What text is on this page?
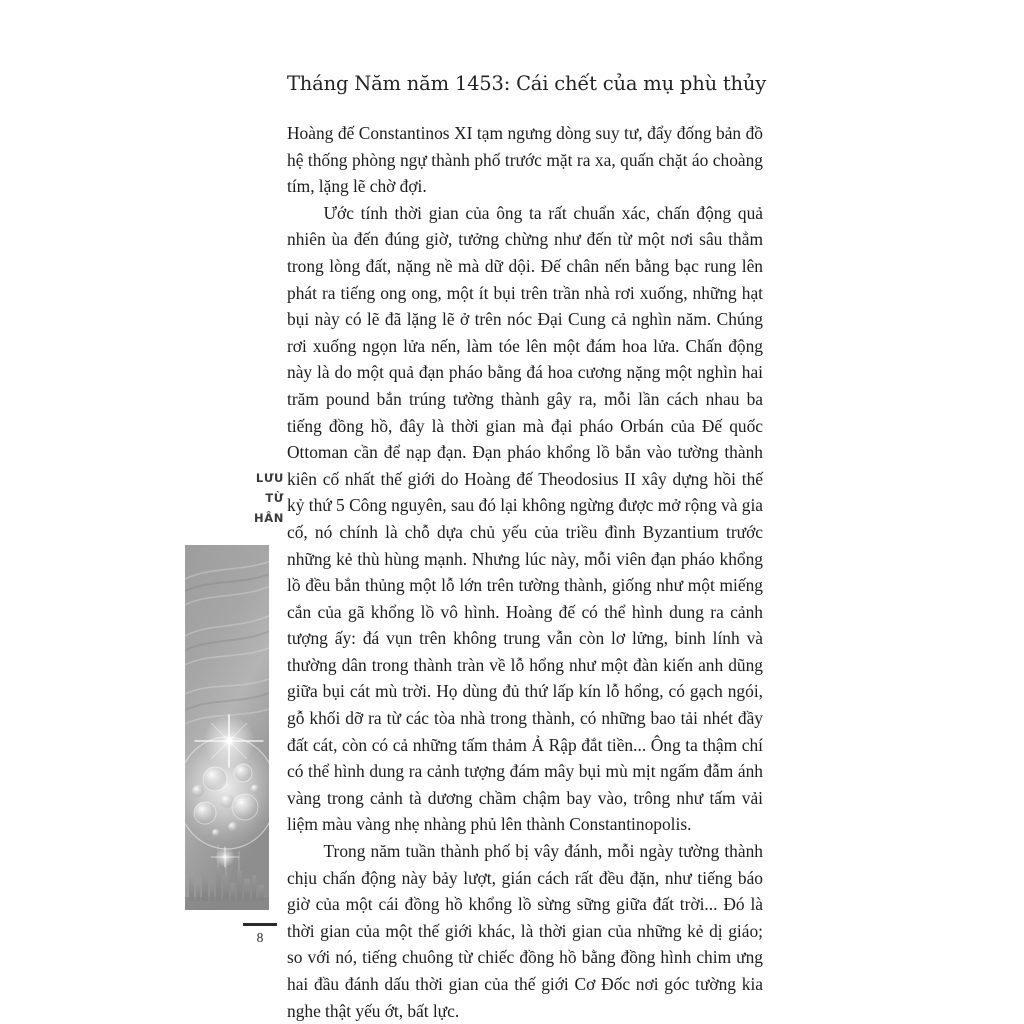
Tháng Năm năm 1453: Cái chết của mụ phù thủy

Hoàng đế Constantinos XI tạm ngưng dòng suy tư, đẩy đống bản đồ hệ thống phòng ngự thành phố trước mặt ra xa, quấn chặt áo choàng tím, lặng lẽ chờ đợi.

Ước tính thời gian của ông ta rất chuẩn xác, chấn động quả nhiên ùa đến đúng giờ, tưởng chừng như đến từ một nơi sâu thẳm trong lòng đất, nặng nề mà dữ dội. Đế chân nến bằng bạc rung lên phát ra tiếng ong ong, một ít bụi trên trần nhà rơi xuống, những hạt bụi này có lẽ đã lặng lẽ ở trên nóc Đại Cung cả nghìn năm. Chúng rơi xuống ngọn lửa nến, làm tóe lên một đám hoa lửa. Chấn động này là do một quả đạn pháo bằng đá hoa cương nặng một nghìn hai trăm pound bắn trúng tường thành gây ra, mỗi lần cách nhau ba tiếng đồng hồ, đây là thời gian mà đại pháo Orbán của Đế quốc Ottoman cần để nạp đạn. Đạn pháo khổng lồ bắn vào tường thành kiên cố nhất thế giới do Hoàng đế Theodosius II xây dựng hồi thế kỷ thứ 5 Công nguyên, sau đó lại không ngừng được mở rộng và gia cố, nó chính là chỗ dựa chủ yếu của triều đình Byzantium trước những kẻ thù hùng mạnh. Nhưng lúc này, mỗi viên đạn pháo khổng lồ đều bắn thủng một lỗ lớn trên tường thành, giống như một miếng cắn của gã khổng lồ vô hình. Hoàng đế có thể hình dung ra cảnh tượng ấy: đá vụn trên không trung vẫn còn lơ lửng, binh lính và thường dân trong thành tràn về lỗ hổng như một đàn kiến anh dũng giữa bụi cát mù trời. Họ dùng đủ thứ lấp kín lỗ hổng, có gạch ngói, gỗ khối dỡ ra từ các tòa nhà trong thành, có những bao tải nhét đầy đất cát, còn có cả những tấm thảm Ả Rập đắt tiền... Ông ta thậm chí có thể hình dung ra cảnh tượng đám mây bụi mù mịt ngấm đẫm ánh vàng trong cảnh tà dương chầm chậm bay vào, trông như tấm vải liệm màu vàng nhẹ nhàng phủ lên thành Constantinopolis.

Trong năm tuần thành phố bị vây đánh, mỗi ngày tường thành chịu chấn động này bảy lượt, gián cách rất đều đặn, như tiếng báo giờ của một cái đồng hồ khổng lồ sừng sững giữa đất trời... Đó là thời gian của một thế giới khác, là thời gian của những kẻ dị giáo; so với nó, tiếng chuông từ chiếc đồng hồ bằng đồng hình chim ưng hai đầu đánh dấu thời gian của thế giới Cơ Đốc nơi góc tường kia nghe thật yếu ớt, bất lực.

LƯU
TỪ
HÂN
8
